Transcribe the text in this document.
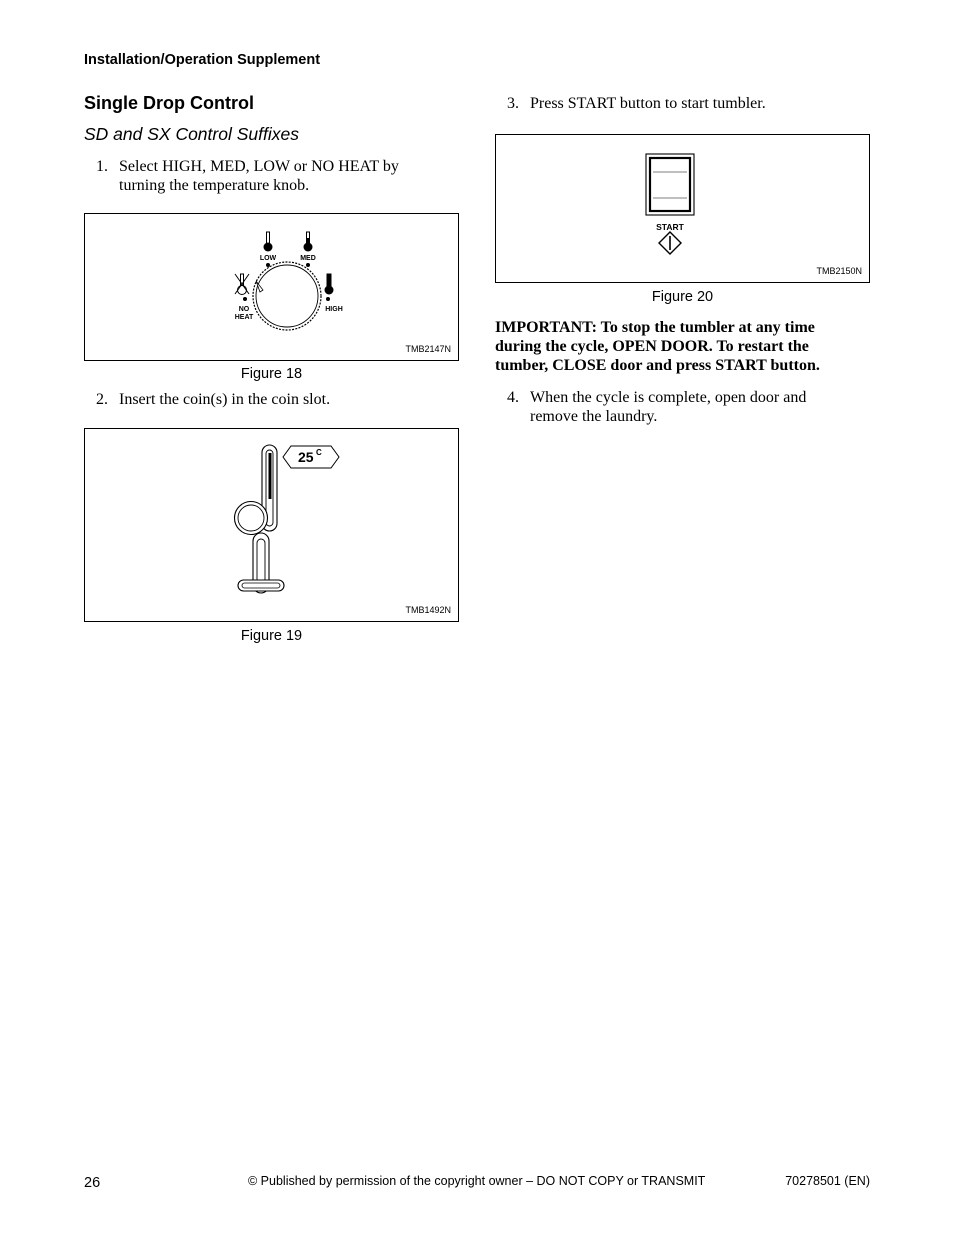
Installation/Operation Supplement
Single Drop Control
SD and SX Control Suffixes
1. Select HIGH, MED, LOW or NO HEAT by
turning the temperature knob.
LOW	MED
HIGH
NO
HEAT
TMB2147N
Figure 18
2. Insert the coin(s) in the coin slot.
25 C
TMB1492N
Figure 19
3. Press START button to start tumbler.
START
TMB2150N
Figure 20
IMPORTANT: To stop the tumbler at any time
during the cycle, OPEN DOOR. To restart the
tumber, CLOSE door and press START button.
4. When the cycle is complete, open door and
remove the laundry.
26	© Published by permission of the copyright owner – DO NOT COPY or TRANSMIT	70278501 (EN)
